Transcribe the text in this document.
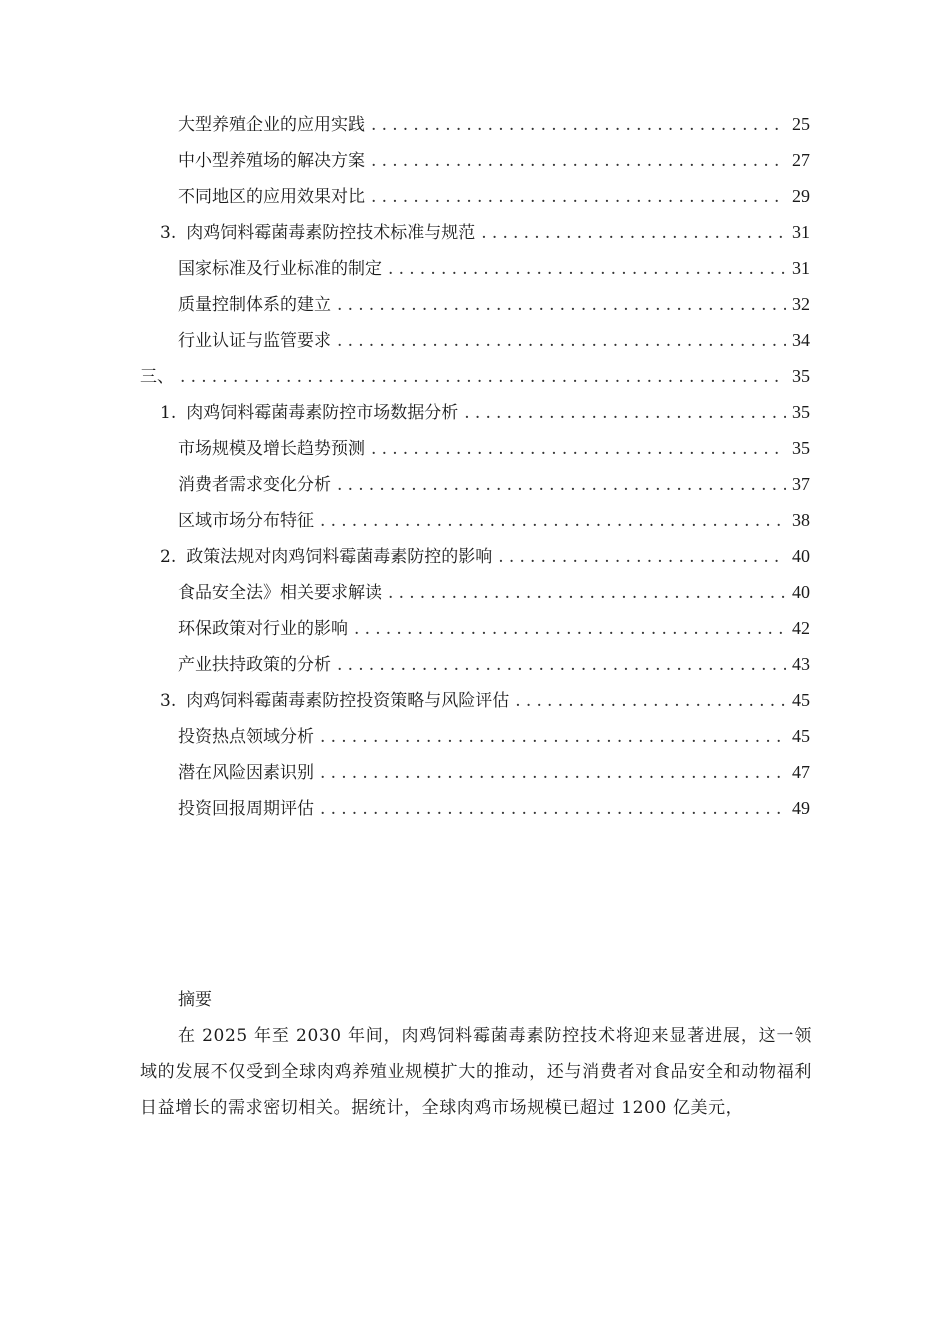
大型养殖企业的应用实践 .....	25
中小型养殖场的解决方案 .....	27
不同地区的应用效果对比 .....	29
3. 肉鸡饲料霉菌毒素防控技术标准与规范 .....	31
国家标准及行业标准的制定 .....	31
质量控制体系的建立 .....	32
行业认证与监管要求 .....	34
三、 .....	35
1. 肉鸡饲料霉菌毒素防控市场数据分析 .....	35
市场规模及增长趋势预测 .....	35
消费者需求变化分析 .....	37
区域市场分布特征 .....	38
2. 政策法规对肉鸡饲料霉菌毒素防控的影响 .....	40
食品安全法》相关要求解读 .....	40
环保政策对行业的影响 .....	42
产业扶持政策的分析 .....	43
3. 肉鸡饲料霉菌毒素防控投资策略与风险评估 .....	45
投资热点领域分析 .....	45
潜在风险因素识别 .....	47
投资回报周期评估 .....	49
摘要

在 2025 年至 2030 年间，肉鸡饲料霉菌毒素防控技术将迎来显著进展，这一领域的发展不仅受到全球肉鸡养殖业规模扩大的推动，还与消费者对食品安全和动物福利日益增长的需求密切相关。据统计，全球肉鸡市场规模已超过 1200 亿美元，
